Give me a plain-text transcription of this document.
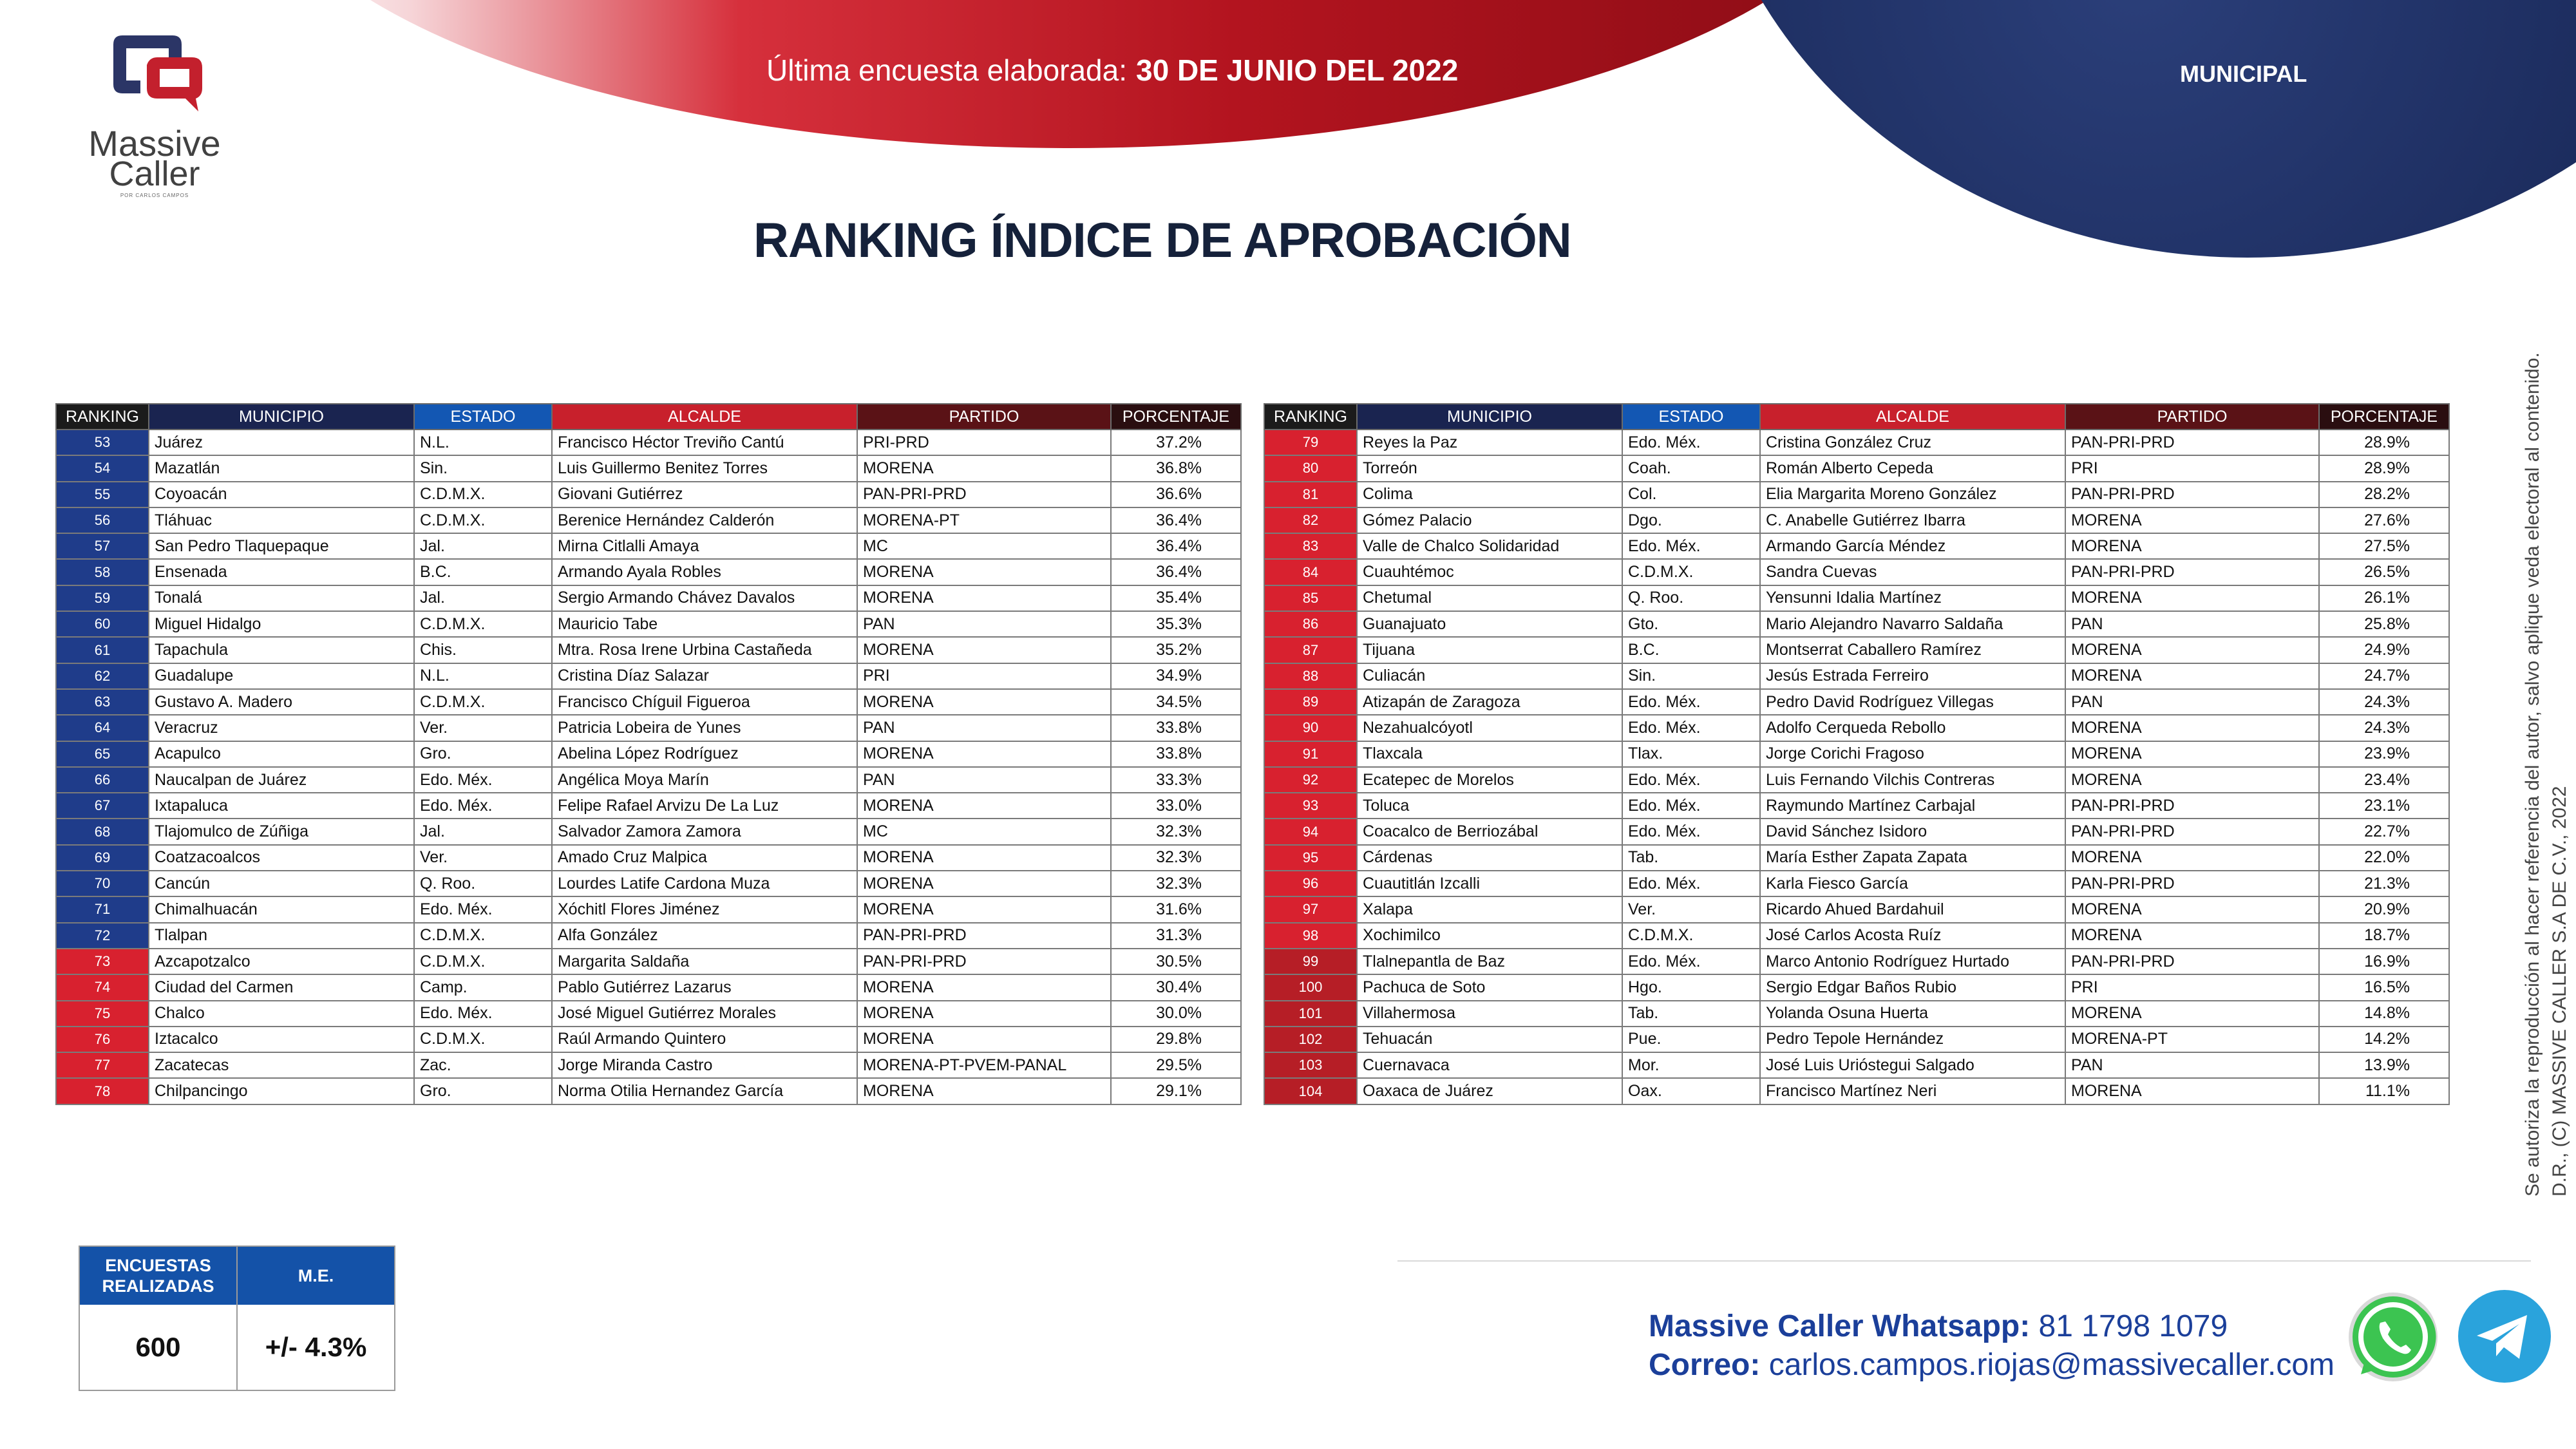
Última encuesta elaborada: 30 DE JUNIO DEL 2022	MUNICIPAL
Massive
Caller
POR CARLOS CAMPOS
RANKING ÍNDICE DE APROBACIÓN
RANKING	MUNICIPIO	ESTADO	ALCALDE	PARTIDO	PORCENTAJE
53	Juárez	N.L.	Francisco Héctor Treviño Cantú	PRI-PRD	37.2%
54	Mazatlán	Sin.	Luis Guillermo Benitez Torres	MORENA	36.8%
55	Coyoacán	C.D.M.X.	Giovani Gutiérrez	PAN-PRI-PRD	36.6%
56	Tláhuac	C.D.M.X.	Berenice Hernández Calderón	MORENA-PT	36.4%
57	San Pedro Tlaquepaque	Jal.	Mirna Citlalli Amaya	MC	36.4%
58	Ensenada	B.C.	Armando Ayala Robles	MORENA	36.4%
59	Tonalá	Jal.	Sergio Armando Chávez Davalos	MORENA	35.4%
60	Miguel Hidalgo	C.D.M.X.	Mauricio Tabe	PAN	35.3%
61	Tapachula	Chis.	Mtra. Rosa Irene Urbina Castañeda	MORENA	35.2%
62	Guadalupe	N.L.	Cristina Díaz Salazar	PRI	34.9%
63	Gustavo A. Madero	C.D.M.X.	Francisco Chíguil Figueroa	MORENA	34.5%
64	Veracruz	Ver.	Patricia Lobeira de Yunes	PAN	33.8%
65	Acapulco	Gro.	Abelina López Rodríguez	MORENA	33.8%
66	Naucalpan de Juárez	Edo. Méx.	Angélica Moya Marín	PAN	33.3%
67	Ixtapaluca	Edo. Méx.	Felipe Rafael Arvizu De La Luz	MORENA	33.0%
68	Tlajomulco de Zúñiga	Jal.	Salvador Zamora Zamora	MC	32.3%
69	Coatzacoalcos	Ver.	Amado Cruz Malpica	MORENA	32.3%
70	Cancún	Q. Roo.	Lourdes Latife Cardona Muza	MORENA	32.3%
71	Chimalhuacán	Edo. Méx.	Xóchitl Flores Jiménez	MORENA	31.6%
72	Tlalpan	C.D.M.X.	Alfa González	PAN-PRI-PRD	31.3%
73	Azcapotzalco	C.D.M.X.	Margarita Saldaña	PAN-PRI-PRD	30.5%
74	Ciudad del Carmen	Camp.	Pablo Gutiérrez Lazarus	MORENA	30.4%
75	Chalco	Edo. Méx.	José Miguel Gutiérrez Morales	MORENA	30.0%
76	Iztacalco	C.D.M.X.	Raúl Armando Quintero	MORENA	29.8%
77	Zacatecas	Zac.	Jorge Miranda Castro	MORENA-PT-PVEM-PANAL	29.5%
78	Chilpancingo	Gro.	Norma Otilia Hernandez García	MORENA	29.1%
RANKING	MUNICIPIO	ESTADO	ALCALDE	PARTIDO	PORCENTAJE
79	Reyes la Paz	Edo. Méx.	Cristina González Cruz	PAN-PRI-PRD	28.9%
80	Torreón	Coah.	Román Alberto Cepeda	PRI	28.9%
81	Colima	Col.	Elia Margarita Moreno González	PAN-PRI-PRD	28.2%
82	Gómez Palacio	Dgo.	C. Anabelle Gutiérrez Ibarra	MORENA	27.6%
83	Valle de Chalco Solidaridad	Edo. Méx.	Armando García Méndez	MORENA	27.5%
84	Cuauhtémoc	C.D.M.X.	Sandra Cuevas	PAN-PRI-PRD	26.5%
85	Chetumal	Q. Roo.	Yensunni Idalia Martínez	MORENA	26.1%
86	Guanajuato	Gto.	Mario Alejandro Navarro Saldaña	PAN	25.8%
87	Tijuana	B.C.	Montserrat Caballero Ramírez	MORENA	24.9%
88	Culiacán	Sin.	Jesús Estrada Ferreiro	MORENA	24.7%
89	Atizapán de Zaragoza	Edo. Méx.	Pedro David Rodríguez Villegas	PAN	24.3%
90	Nezahualcóyotl	Edo. Méx.	Adolfo Cerqueda Rebollo	MORENA	24.3%
91	Tlaxcala	Tlax.	Jorge Corichi Fragoso	MORENA	23.9%
92	Ecatepec de Morelos	Edo. Méx.	Luis Fernando Vilchis Contreras	MORENA	23.4%
93	Toluca	Edo. Méx.	Raymundo Martínez Carbajal	PAN-PRI-PRD	23.1%
94	Coacalco de Berriozábal	Edo. Méx.	David Sánchez Isidoro	PAN-PRI-PRD	22.7%
95	Cárdenas	Tab.	María Esther Zapata Zapata	MORENA	22.0%
96	Cuautitlán Izcalli	Edo. Méx.	Karla Fiesco García	PAN-PRI-PRD	21.3%
97	Xalapa	Ver.	Ricardo Ahued Bardahuil	MORENA	20.9%
98	Xochimilco	C.D.M.X.	José Carlos Acosta Ruíz	MORENA	18.7%
99	Tlalnepantla de Baz	Edo. Méx.	Marco Antonio Rodríguez Hurtado	PAN-PRI-PRD	16.9%
100	Pachuca de Soto	Hgo.	Sergio Edgar Baños Rubio	PRI	16.5%
101	Villahermosa	Tab.	Yolanda Osuna Huerta	MORENA	14.8%
102	Tehuacán	Pue.	Pedro Tepole Hernández	MORENA-PT	14.2%
103	Cuernavaca	Mor.	José Luis Urióstegui Salgado	PAN	13.9%
104	Oaxaca de Juárez	Oax.	Francisco Martínez Neri	MORENA	11.1%
ENCUESTAS REALIZADAS
M.E.
600	+/- 4.3%
Massive Caller Whatsapp: 81 1798 1079
Correo: carlos.campos.riojas@massivecaller.com
Se autoriza la reproducción al hacer referencia del autor, salvo aplique veda electoral al contenido. D.R., (C) MASSIVE CALLER S.A DE C.V., 2022
